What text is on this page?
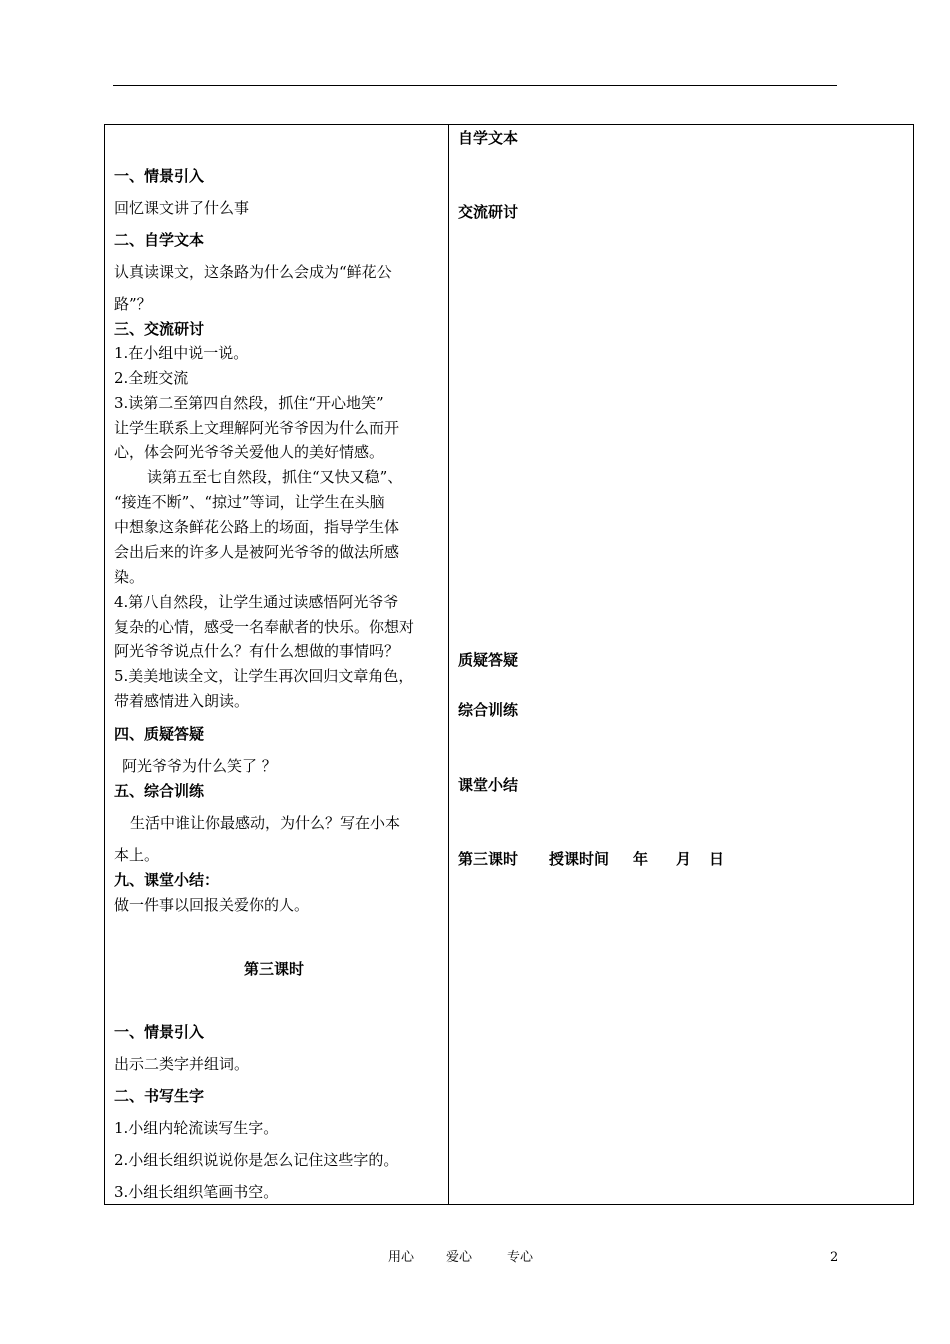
一、情景引入
回忆课文讲了什么事
二、自学文本
认真读课文，这条路为什么会成为“鲜花公
路”？
三、交流研讨
1.在小组中说一说。
2.全班交流
3.读第二至第四自然段，抓住“开心地笑”
让学生联系上文理解阿光爷爷因为什么而开
心，体会阿光爷爷关爱他人的美好情感。
读第五至七自然段，抓住“又快又稳”、
“接连不断”、“掠过”等词，让学生在头脑
中想象这条鲜花公路上的场面，指导学生体
会出后来的许多人是被阿光爷爷的做法所感
染。
4.第八自然段，让学生通过读感悟阿光爷爷
复杂的心情，感受一名奉献者的快乐。你想对
阿光爷爷说点什么？有什么想做的事情吗？
5.美美地读全文，让学生再次回归文章角色，
带着感情进入朗读。
四、质疑答疑
阿光爷爷为什么笑了 ？
五、综合训练
生活中谁让你最感动，为什么？写在小本
本上。
九、课堂小结：
做一件事以回报关爱你的人。
第三课时
一、情景引入
出示二类字并组词。
二、书写生字
1.小组内轮流读写生字。
2.小组长组织说说你是怎么记住这些字的。
3.小组长组织笔画书空。
自学文本
交流研讨
质疑答疑
综合训练
课堂小结
第三课时 授课时间 年 月 日
用心 爱心	专心	2
